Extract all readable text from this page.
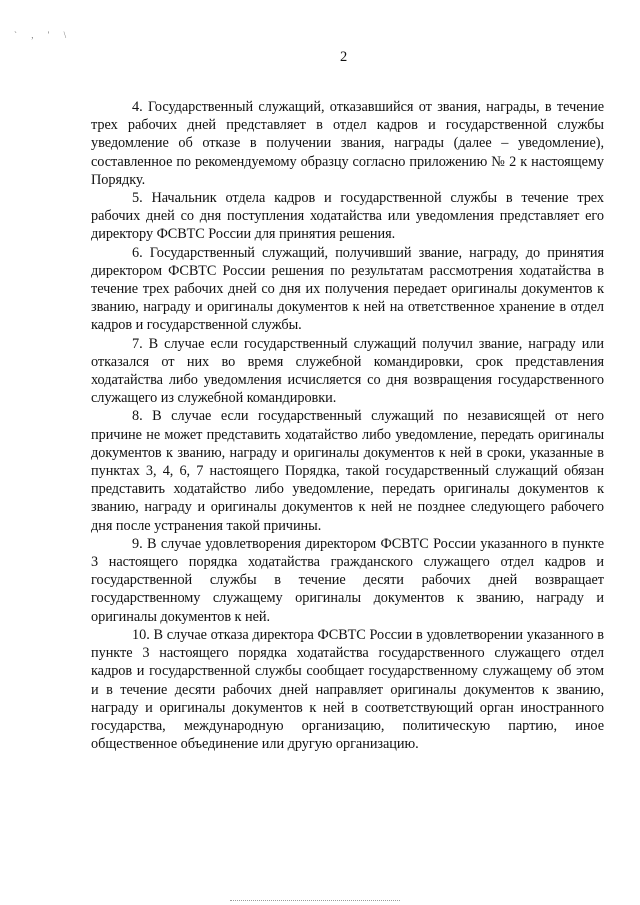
` , ' \
2

4. Государственный служащий, отказавшийся от звания, награды, в течение трех рабочих дней представляет в отдел кадров и государственной службы уведомление об отказе в получении звания, награды (далее – уведомление), составленное по рекомендуемому образцу согласно приложению № 2 к настоящему Порядку.

5. Начальник отдела кадров и государственной службы в течение трех рабочих дней со дня поступления ходатайства или уведомления представляет его директору ФСВТС России для принятия решения.

6. Государственный служащий, получивший звание, награду, до принятия директором ФСВТС России решения по результатам рассмотрения ходатайства в течение трех рабочих дней со дня их получения передает оригиналы документов к званию, награду и оригиналы документов к ней на ответственное хранение в отдел кадров и государственной службы.

7. В случае если государственный служащий получил звание, награду или отказался от них во время служебной командировки, срок представления ходатайства либо уведомления исчисляется со дня возвращения государственного служащего из служебной командировки.

8. В случае если государственный служащий по независящей от него причине не может представить ходатайство либо уведомление, передать оригиналы документов к званию, награду и оригиналы документов к ней в сроки, указанные в пунктах 3, 4, 6, 7 настоящего Порядка, такой государственный служащий обязан представить ходатайство либо уведомление, передать оригиналы документов к званию, награду и оригиналы документов к ней не позднее следующего рабочего дня после устранения такой причины.

9. В случае удовлетворения директором ФСВТС России указанного в пункте 3 настоящего порядка ходатайства гражданского служащего отдел кадров и государственной службы в течение десяти рабочих дней возвращает государственному служащему оригиналы документов к званию, награду и оригиналы документов к ней.

10. В случае отказа директора ФСВТС России в удовлетворении указанного в пункте 3 настоящего порядка ходатайства государственного служащего отдел кадров и государственной службы сообщает государственному служащему об этом и в течение десяти рабочих дней направляет оригиналы документов к званию, награду и оригиналы документов к ней в соответствующий орган иностранного государства, международную организацию, политическую партию, иное общественное объединение или другую организацию.
